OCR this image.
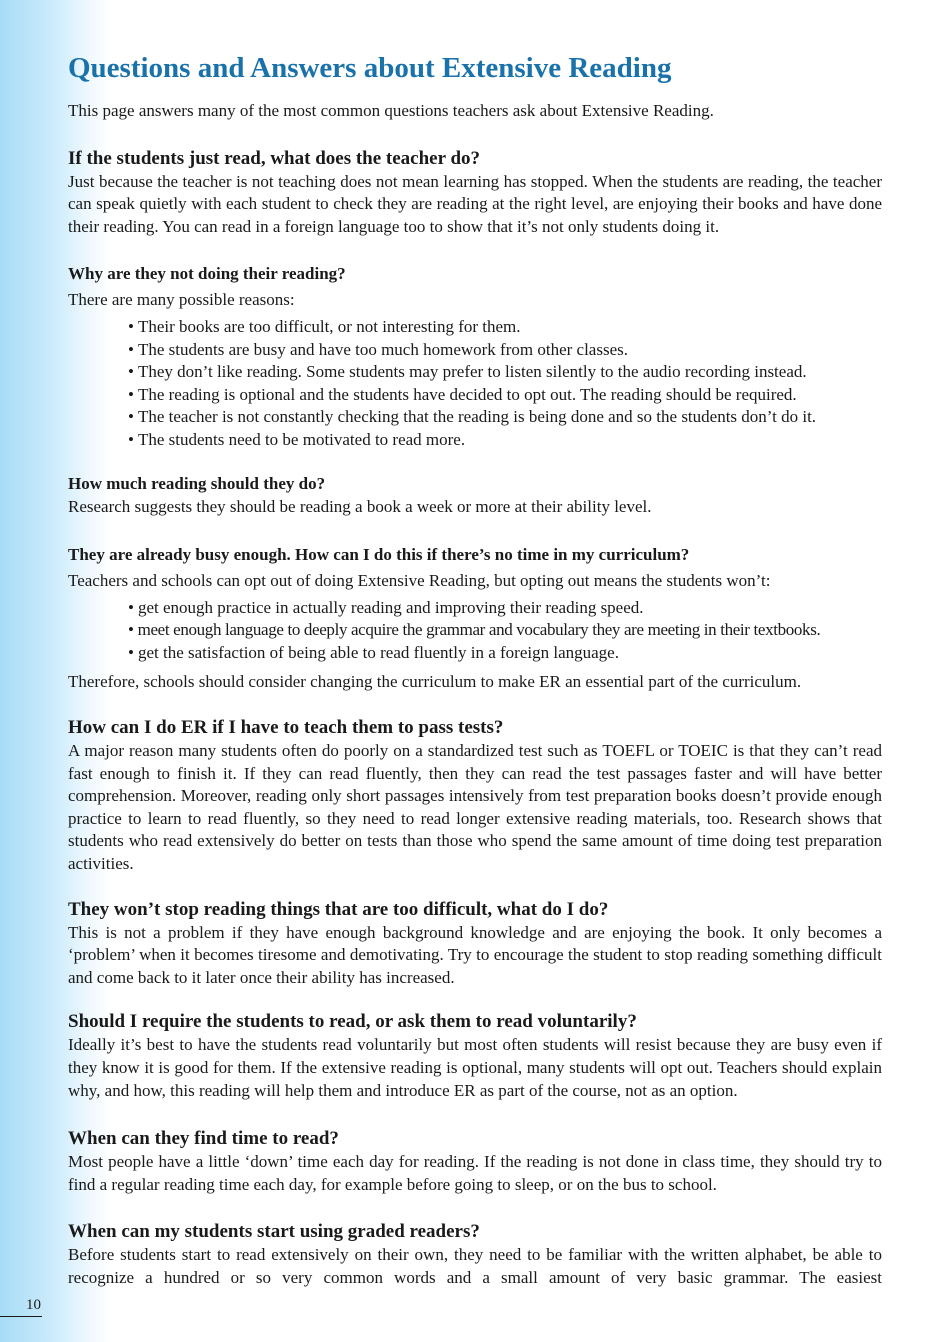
Questions and Answers about Extensive Reading

This page answers many of the most common questions teachers ask about Extensive Reading.

If the students just read, what does the teacher do?

Just because the teacher is not teaching does not mean learning has stopped. When the students are reading, the teacher can speak quietly with each student to check they are reading at the right level, are enjoying their books and have done their reading. You can read in a foreign language too to show that it’s not only students doing it.

Why are they not doing their reading?

There are many possible reasons:

• Their books are too difficult, or not interesting for them.
• The students are busy and have too much homework from other classes.
• They don’t like reading. Some students may prefer to listen silently to the audio recording instead.
• The reading is optional and the students have decided to opt out. The reading should be required.
• The teacher is not constantly checking that the reading is being done and so the students don’t do it.
• The students need to be motivated to read more.
How much reading should they do?

Research suggests they should be reading a book a week or more at their ability level.

They are already busy enough. How can I do this if there’s no time in my curriculum?

Teachers and schools can opt out of doing Extensive Reading, but opting out means the students won’t:

• get enough practice in actually reading and improving their reading speed.
• meet enough language to deeply acquire the grammar and vocabulary they are meeting in their textbooks.
• get the satisfaction of being able to read fluently in a foreign language.

Therefore, schools should consider changing the curriculum to make ER an essential part of the curriculum.

How can I do ER if I have to teach them to pass tests?

A major reason many students often do poorly on a standardized test such as TOEFL or TOEIC is that they can’t read fast enough to finish it. If they can read fluently, then they can read the test passages faster and will have better comprehension. Moreover, reading only short passages intensively from test preparation books doesn’t provide enough practice to learn to read fluently, so they need to read longer extensive reading materials, too. Research shows that students who read extensively do better on tests than those who spend the same amount of time doing test preparation activities.

They won’t stop reading things that are too difficult, what do I do?

This is not a problem if they have enough background knowledge and are enjoying the book. It only becomes a ‘problem’ when it becomes tiresome and demotivating. Try to encourage the student to stop reading something difficult and come back to it later once their ability has increased.

Should I require the students to read, or ask them to read voluntarily?

Ideally it’s best to have the students read voluntarily but most often students will resist because they are busy even if they know it is good for them. If the extensive reading is optional, many students will opt out. Teachers should explain why, and how, this reading will help them and introduce ER as part of the course, not as an option.

When can they find time to read?

Most people have a little ‘down’ time each day for reading. If the reading is not done in class time, they should try to find a regular reading time each day, for example before going to sleep, or on the bus to school.

When can my students start using graded readers?

Before students start to read extensively on their own, they need to be familiar with the written alphabet, be able to recognize a hundred or so very common words and a small amount of very basic grammar. The easiest

10
